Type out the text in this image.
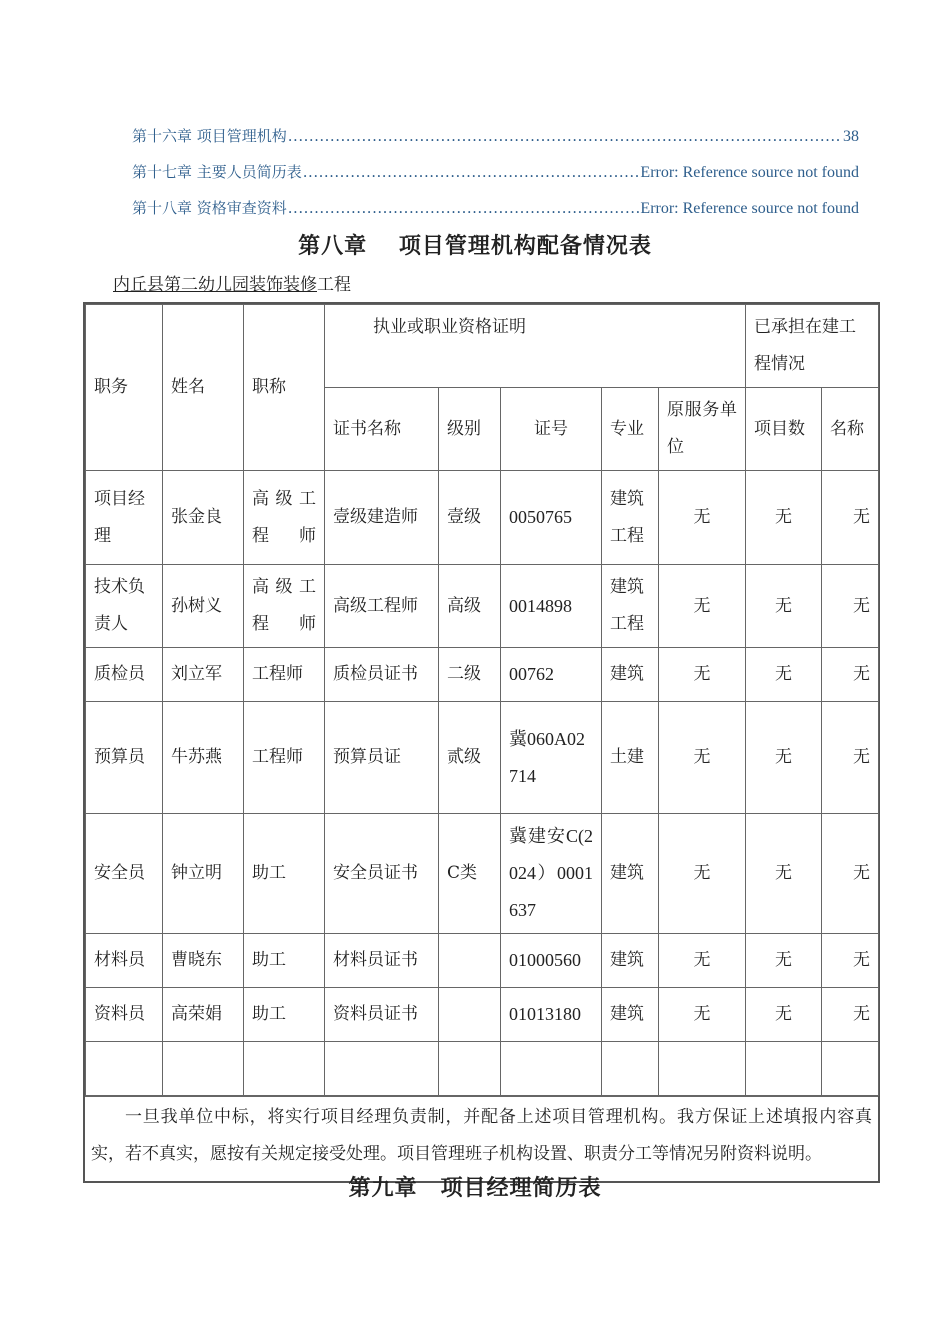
第十六章 项目管理机构 .....	38
第十七章 主要人员简历表 .....	Error: Reference source not found
第十八章 资格审查资料 .....	Error: Reference source not found
第八章　 项目管理机构配备情况表
内丘县第二幼儿园装饰装修工程
职务	姓名	职称	执业或职业资格证明					已承担在建工程情况	
			证书名称	级别	证号	专业	原服务单位	项目数	名称
项目经理	张金良	高级工程师	壹级建造师	壹级	0050765	建筑工程	无	无	无
技术负责人	孙树义	高级工程师	高级工程师	高级	0014898	建筑工程	无	无	无
质检员	刘立军	工程师	质检员证书	二级	00762	建筑	无	无	无
预算员	牛苏燕	工程师	预算员证	贰级	冀060A02714	土建	无	无	无
安全员	钟立明	助工	安全员证书	C类	冀建安C(2024）0001637	建筑	无	无	无
材料员	曹晓东	助工	材料员证书		01000560	建筑	无	无	无
资料员	高荣娟	助工	资料员证书		01013180	建筑	无	无	无

一旦我单位中标，将实行项目经理负责制，并配备上述项目管理机构。我方保证上述填报内容真实，若不真实，愿按有关规定接受处理。项目管理班子机构设置、职责分工等情况另附资料说明。
第九章　项目经理简历表
